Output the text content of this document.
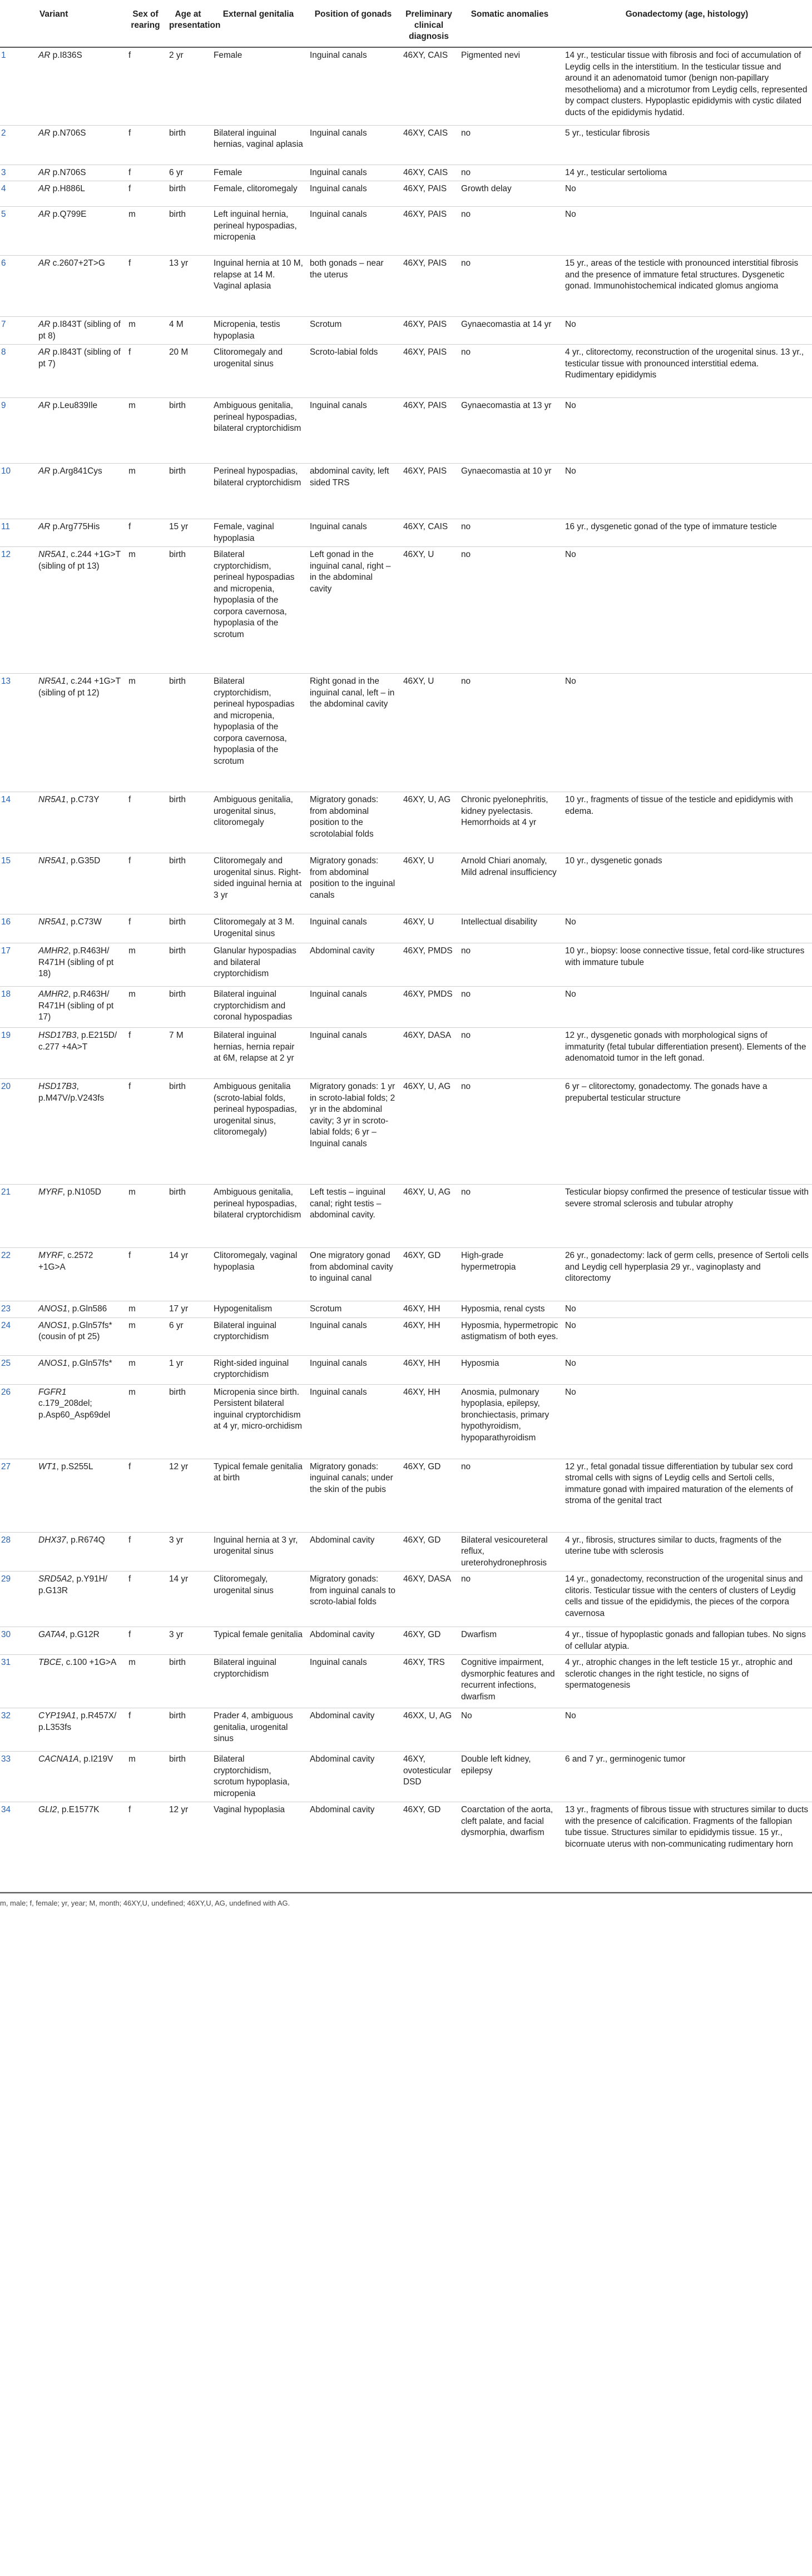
	Variant	Sex of rearing	Age at presentation	External genitalia	Position of gonads	Preliminary clinical diagnosis	Somatic anomalies	Gonadectomy (age, histology)
1	AR p.I836S	f	2 yr	Female	Inguinal canals	46XY, CAIS	Pigmented nevi	14 yr., testicular tissue with fibrosis and foci of accumulation of Leydig cells in the interstitium. In the testicular tissue and around it an adenomatoid tumor (benign non-papillary mesothelioma) and a microtumor from Leydig cells, represented by compact clusters. Hypoplastic epididymis with cystic dilated ducts of the epididymis hydatid.
2	AR p.N706S	f	birth	Bilateral inguinal hernias, vaginal aplasia	Inguinal canals	46XY, CAIS	no	5 yr., testicular fibrosis
3	AR p.N706S	f	6 yr	Female	Inguinal canals	46XY, CAIS	no	14 yr., testicular sertolioma
4	AR p.H886L	f	birth	Female, clitoromegaly	Inguinal canals	46XY, PAIS	Growth delay	No
5	AR p.Q799E	m	birth	Left inguinal hernia, perineal hypospadias, micropenia	Inguinal canals	46XY, PAIS	no	No
6	AR c.2607+2T>G	f	13 yr	Inguinal hernia at 10 M, relapse at 14 M. Vaginal aplasia	both gonads – near the uterus	46XY, PAIS	no	15 yr., areas of the testicle with pronounced interstitial fibrosis and the presence of immature fetal structures. Dysgenetic gonad. Immunohistochemical indicated glomus angioma
7	AR p.I843T (sibling of pt 8)	m	4 M	Micropenia, testis hypoplasia	Scrotum	46XY, PAIS	Gynaecomastia at 14 yr	No
8	AR p.I843T (sibling of pt 7)	f	20 M	Clitoromegaly and urogenital sinus	Scroto-labial folds	46XY, PAIS	no	4 yr., clitorectomy, reconstruction of the urogenital sinus. 13 yr., testicular tissue with pronounced interstitial edema. Rudimentary epididymis
9	AR p.Leu839Ile	m	birth	Ambiguous genitalia, perineal hypospadias, bilateral cryptorchidism	Inguinal canals	46XY, PAIS	Gynaecomastia at 13 yr	No
10	AR p.Arg841Cys	m	birth	Perineal hypospadias, bilateral cryptorchidism	abdominal cavity, left sided TRS	46XY, PAIS	Gynaecomastia at 10 yr	No
11	AR p.Arg775His	f	15 yr	Female, vaginal hypoplasia	Inguinal canals	46XY, CAIS	no	16 yr., dysgenetic gonad of the type of immature testicle
12	NR5A1, c.244 +1G>T (sibling of pt 13)	m	birth	Bilateral cryptorchidism, perineal hypospadias and micropenia, hypoplasia of the corpora cavernosa, hypoplasia of the scrotum	Left gonad in the inguinal canal, right – in the abdominal cavity	46XY, U	no	No
13	NR5A1, c.244 +1G>T (sibling of pt 12)	m	birth	Bilateral cryptorchidism, perineal hypospadias and micropenia, hypoplasia of the corpora cavernosa, hypoplasia of the scrotum	Right gonad in the inguinal canal, left – in the abdominal cavity	46XY, U	no	No
14	NR5A1, p.C73Y	f	birth	Ambiguous genitalia, urogenital sinus, clitoromegaly	Migratory gonads: from abdominal position to the scrotolabial folds	46XY, U, AG	Chronic pyelonephritis, kidney pyelectasis. Hemorrhoids at 4 yr	10 yr., fragments of tissue of the testicle and epididymis with edema.
15	NR5A1, p.G35D	f	birth	Clitoromegaly and urogenital sinus. Right-sided inguinal hernia at 3 yr	Migratory gonads: from abdominal position to the inguinal canals	46XY, U	Arnold Chiari anomaly, Mild adrenal insufficiency	10 yr., dysgenetic gonads
16	NR5A1, p.C73W	f	birth	Clitoromegaly at 3 M. Urogenital sinus	Inguinal canals	46XY, U	Intellectual disability	No
17	AMHR2, p.R463H/ R471H (sibling of pt 18)	m	birth	Glanular hypospadias and bilateral cryptorchidism	Abdominal cavity	46XY, PMDS	no	10 yr., biopsy: loose connective tissue, fetal cord-like structures with immature tubule
18	AMHR2, p.R463H/ R471H (sibling of pt 17)	m	birth	Bilateral inguinal cryptorchidism and coronal hypospadias	Inguinal canals	46XY, PMDS	no	No
19	HSD17B3, p.E215D/ c.277 +4A>T	f	7 M	Bilateral inguinal hernias, hernia repair at 6M, relapse at 2 yr	Inguinal canals	46XY, DASA	no	12 yr., dysgenetic gonads with morphological signs of immaturity (fetal tubular differentiation present). Elements of the adenomatoid tumor in the left gonad.
20	HSD17B3, p.M47V/p.V243fs	f	birth	Ambiguous genitalia (scroto-labial folds, perineal hypospadias, urogenital sinus, clitoromegaly)	Migratory gonads: 1 yr in scroto-labial folds; 2 yr in the abdominal cavity; 3 yr in scroto-labial folds; 6 yr – Inguinal canals	46XY, U, AG	no	6 yr – clitorectomy, gonadectomy. The gonads have a prepubertal testicular structure
21	MYRF, p.N105D	m	birth	Ambiguous genitalia, perineal hypospadias, bilateral cryptorchidism	Left testis – inguinal canal; right testis – abdominal cavity.	46XY, U, AG	no	Testicular biopsy confirmed the presence of testicular tissue with severe stromal sclerosis and tubular atrophy
22	MYRF, c.2572 +1G>A	f	14 yr	Clitoromegaly, vaginal hypoplasia	One migratory gonad from abdominal cavity to inguinal canal	46XY, GD	High-grade hypermetropia	26 yr., gonadectomy: lack of germ cells, presence of Sertoli cells and Leydig cell hyperplasia 29 yr., vaginoplasty and clitorectomy
23	ANOS1, p.Gln586	m	17 yr	Hypogenitalism	Scrotum	46XY, HH	Hyposmia, renal cysts	No
24	ANOS1, p.Gln57fs* (cousin of pt 25)	m	6 yr	Bilateral inguinal cryptorchidism	Inguinal canals	46XY, HH	Hyposmia, hypermetropic astigmatism of both eyes.	No
25	ANOS1, p.Gln57fs*	m	1 yr	Right-sided inguinal cryptorchidism	Inguinal canals	46XY, HH	Hyposmia	No
26	FGFR1 c.179_208del; p.Asp60_Asp69del	m	birth	Micropenia since birth. Persistent bilateral inguinal cryptorchidism at 4 yr, micro-orchidism	Inguinal canals	46XY, HH	Anosmia, pulmonary hypoplasia, epilepsy, bronchiectasis, primary hypothyroidism, hypoparathyroidism	No
27	WT1, p.S255L	f	12 yr	Typical female genitalia at birth	Migratory gonads: inguinal canals; under the skin of the pubis	46XY, GD	no	12 yr., fetal gonadal tissue differentiation by tubular sex cord stromal cells with signs of Leydig cells and Sertoli cells, immature gonad with impaired maturation of the elements of stroma of the genital tract
28	DHX37, p.R674Q	f	3 yr	Inguinal hernia at 3 yr, urogenital sinus	Abdominal cavity	46XY, GD	Bilateral vesicoureteral reflux, ureterohydronephrosis	4 yr., fibrosis, structures similar to ducts, fragments of the uterine tube with sclerosis
29	SRD5A2, p.Y91H/ p.G13R	f	14 yr	Clitoromegaly, urogenital sinus	Migratory gonads: from inguinal canals to scroto-labial folds	46XY, DASA	no	14 yr., gonadectomy, reconstruction of the urogenital sinus and clitoris. Testicular tissue with the centers of clusters of Leydig cells and tissue of the epididymis, the pieces of the corpora cavernosa
30	GATA4, p.G12R	f	3 yr	Typical female genitalia	Abdominal cavity	46XY, GD	Dwarfism	4 yr., tissue of hypoplastic gonads and fallopian tubes. No signs of cellular atypia.
31	TBCE, c.100 +1G>A	m	birth	Bilateral inguinal cryptorchidism	Inguinal canals	46XY, TRS	Cognitive impairment, dysmorphic features and recurrent infections, dwarfism	4 yr., atrophic changes in the left testicle 15 yr., atrophic and sclerotic changes in the right testicle, no signs of spermatogenesis
32	CYP19A1, p.R457X/ p.L353fs	f	birth	Prader 4, ambiguous genitalia, urogenital sinus	Abdominal cavity	46XX, U, AG	No	No
33	CACNA1A, p.I219V	m	birth	Bilateral cryptorchidism, scrotum hypoplasia, micropenia	Abdominal cavity	46XY, ovotesticular DSD	Double left kidney, epilepsy	6 and 7 yr., germinogenic tumor
34	GLI2, p.E1577K	f	12 yr	Vaginal hypoplasia	Abdominal cavity	46XY, GD	Coarctation of the aorta, cleft palate, and facial dysmorphia, dwarfism	13 yr., fragments of fibrous tissue with structures similar to ducts with the presence of calcification. Fragments of the fallopian tube tissue. Structures similar to epididymis tissue. 15 yr., bicornuate uterus with non-communicating rudimentary horn
m, male; f, female; yr, year; M, month; 46XY,U, undefined; 46XY,U, AG, undefined with AG.
